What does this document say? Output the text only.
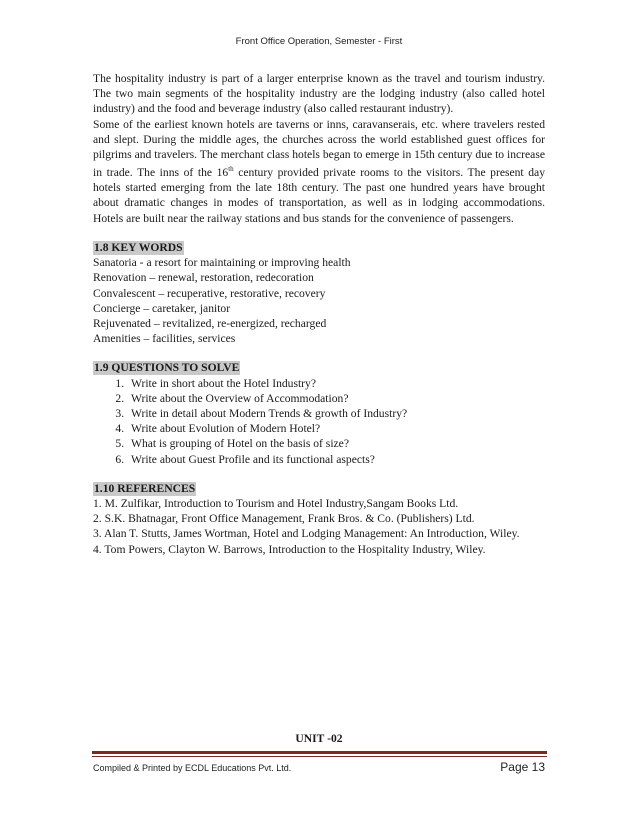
Front Office Operation, Semester - First

The hospitality industry is part of a larger enterprise known as the travel and tourism industry. The two main segments of the hospitality industry are the lodging industry (also called hotel industry) and the food and beverage industry (also called restaurant industry).

Some of the earliest known hotels are taverns or inns, caravanserais, etc. where travelers rested and slept. During the middle ages, the churches across the world established guest offices for pilgrims and travelers. The merchant class hotels began to emerge in 15th century due to increase in trade. The inns of the 16th century provided private rooms to the visitors. The present day hotels started emerging from the late 18th century. The past one hundred years have brought about dramatic changes in modes of transportation, as well as in lodging accommodations. Hotels are built near the railway stations and bus stands for the convenience of passengers.

1.8 KEY WORDS

Sanatoria - a resort for maintaining or improving health

Renovation – renewal, restoration, redecoration

Convalescent – recuperative, restorative, recovery

Concierge – caretaker, janitor

Rejuvenated – revitalized, re-energized, recharged

Amenities – facilities, services

1.9 QUESTIONS TO SOLVE
1. Write in short about the Hotel Industry?
2. Write about the Overview of Accommodation?
3. Write in detail about Modern Trends & growth of Industry?
4. Write about Evolution of Modern Hotel?
5. What is grouping of Hotel on the basis of size?
6. Write about Guest Profile and its functional aspects?
1.10 REFERENCES

1. M. Zulfikar, Introduction to Tourism and Hotel Industry,Sangam Books Ltd.

2. S.K. Bhatnagar, Front Office Management, Frank Bros. & Co. (Publishers) Ltd.

3. Alan T. Stutts, James Wortman, Hotel and Lodging Management: An Introduction, Wiley.

4. Tom Powers, Clayton W. Barrows, Introduction to the Hospitality Industry, Wiley.

UNIT -02
Compiled & Printed by ECDL Educations Pvt. Ltd.	Page 13
